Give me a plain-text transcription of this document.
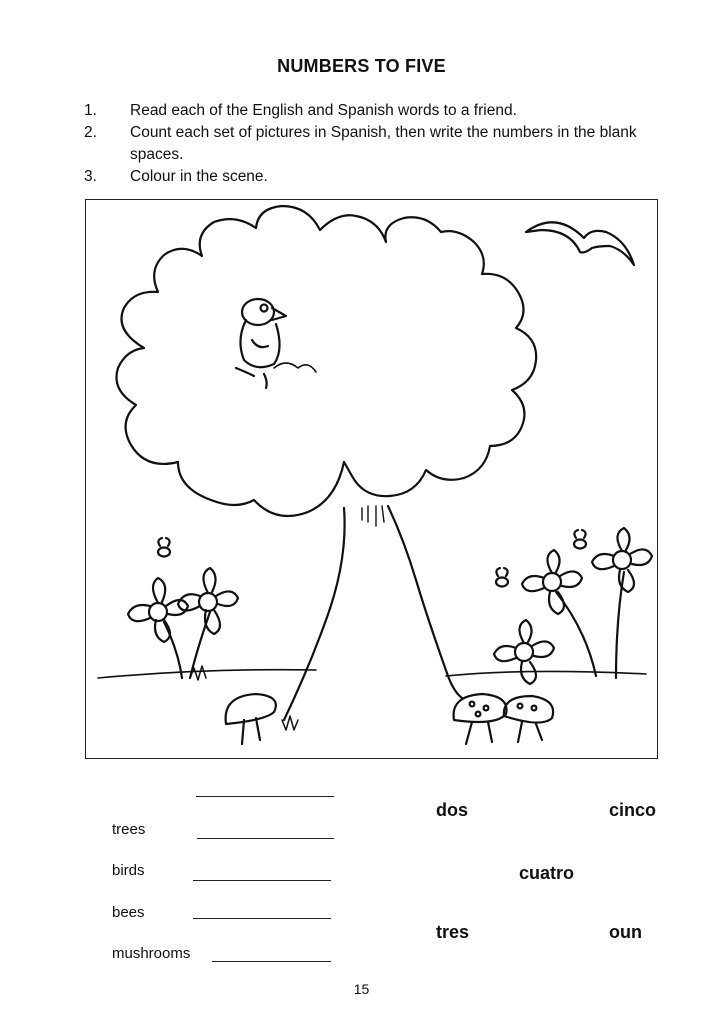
NUMBERS TO FIVE
1.	Read each of the English and Spanish words to a friend.
2.	Count each set of pictures in Spanish, then write the numbers in the blank spaces.
3.	Colour in the scene.
trees
birds
bees
mushrooms
dos	cinco
cuatro
tres	oun
15
